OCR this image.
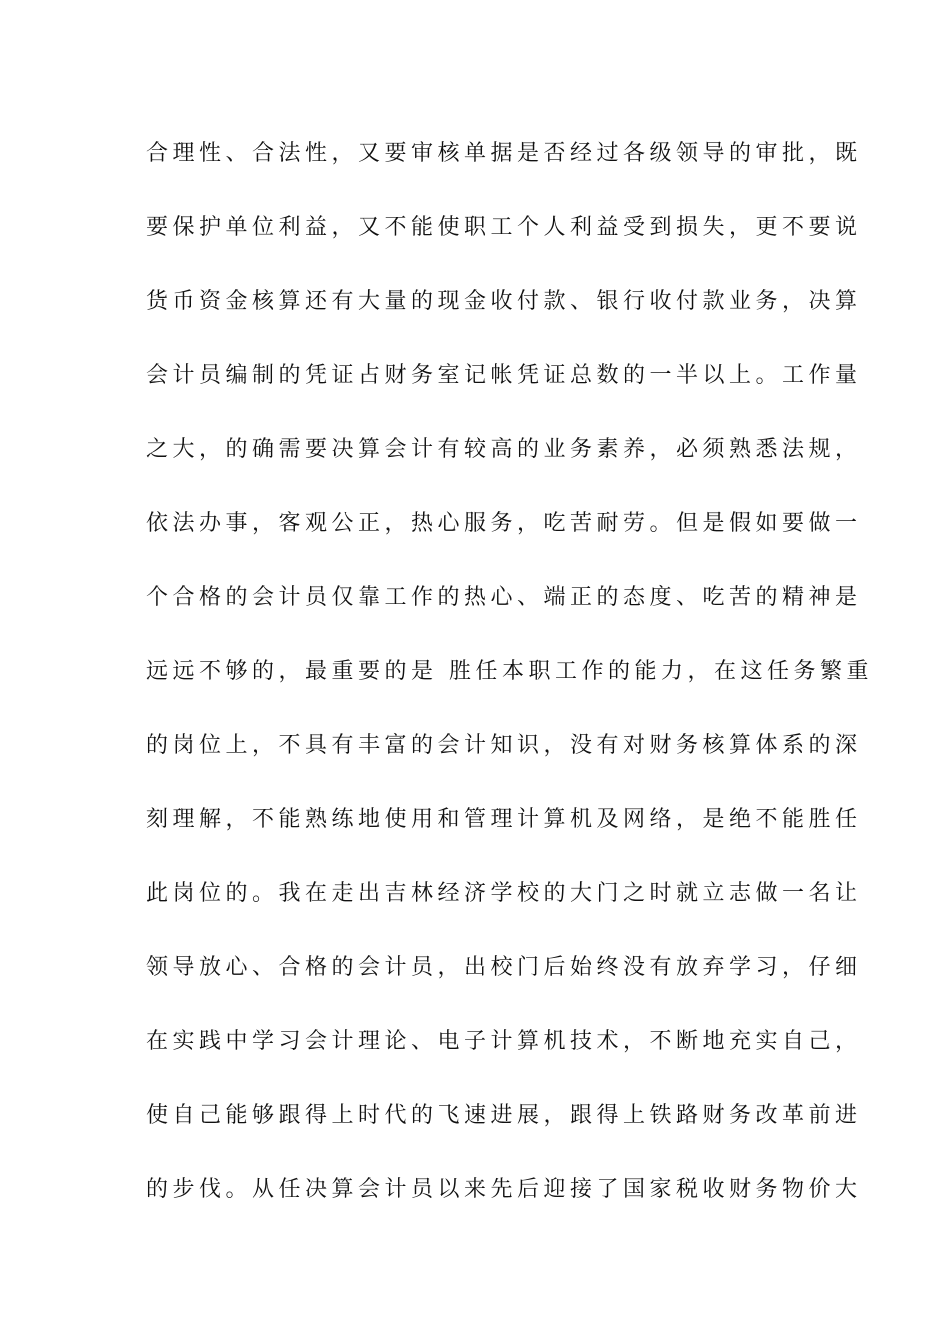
合理性、合法性，又要审核单据是否经过各级领导的审批，既
要保护单位利益，又不能使职工个人利益受到损失，更不要说
货币资金核算还有大量的现金收付款、银行收付款业务，决算
会计员编制的凭证占财务室记帐凭证总数的一半以上。工作量
之大，的确需要决算会计有较高的业务素养，必须熟悉法规，
依法办事，客观公正，热心服务，吃苦耐劳。但是假如要做一
个合格的会计员仅靠工作的热心、端正的态度、吃苦的精神是
远远不够的，最重要的是 胜任本职工作的能力，在这任务繁重
的岗位上，不具有丰富的会计知识，没有对财务核算体系的深
刻理解，不能熟练地使用和管理计算机及网络，是绝不能胜任
此岗位的。我在走出吉林经济学校的大门之时就立志做一名让
领导放心、合格的会计员，出校门后始终没有放弃学习，仔细
在实践中学习会计理论、电子计算机技术，不断地充实自己，
使自己能够跟得上时代的飞速进展，跟得上铁路财务改革前进
的步伐。从任决算会计员以来先后迎接了国家税收财务物价大
